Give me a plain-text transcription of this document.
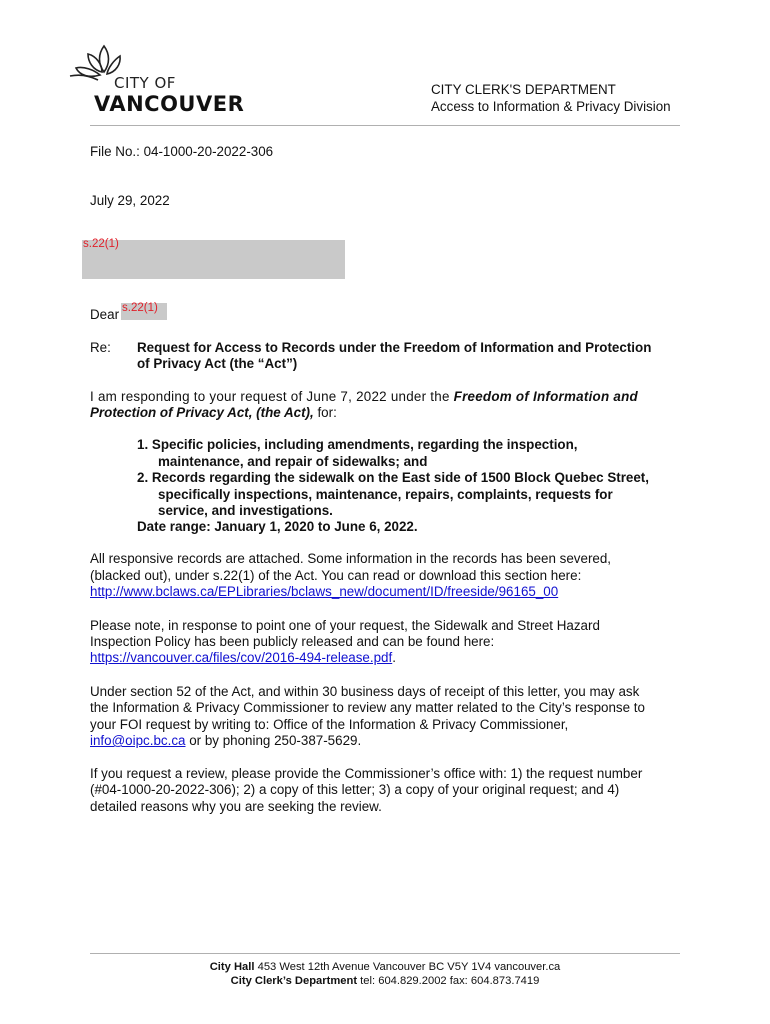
CITY OF
VANCOUVER
CITY CLERK'S DEPARTMENT
Access to Information & Privacy Division
File No.: 04-1000-20-2022-306
July 29, 2022
s.22(1)
Dear s.22(1)
Re: Request for Access to Records under the Freedom of Information and Protection
of Privacy Act (the “Act”)
I am responding to your request of June 7, 2022 under the Freedom of Information and
Protection of Privacy Act, (the Act), for:
1. Specific policies, including amendments, regarding the inspection,
maintenance, and repair of sidewalks; and
2. Records regarding the sidewalk on the East side of 1500 Block Quebec Street,
specifically inspections, maintenance, repairs, complaints, requests for
service, and investigations.
Date range: January 1, 2020 to June 6, 2022.
All responsive records are attached. Some information in the records has been severed,
(blacked out), under s.22(1) of the Act. You can read or download this section here:
http://www.bclaws.ca/EPLibraries/bclaws_new/document/ID/freeside/96165_00
Please note, in response to point one of your request, the Sidewalk and Street Hazard
Inspection Policy has been publicly released and can be found here:
https://vancouver.ca/files/cov/2016-494-release.pdf.
Under section 52 of the Act, and within 30 business days of receipt of this letter, you may ask
the Information & Privacy Commissioner to review any matter related to the City’s response to
your FOI request by writing to: Office of the Information & Privacy Commissioner,
info@oipc.bc.ca or by phoning 250-387-5629.
If you request a review, please provide the Commissioner’s office with: 1) the request number
(#04-1000-20-2022-306); 2) a copy of this letter; 3) a copy of your original request; and 4)
detailed reasons why you are seeking the review.
City Hall 453 West 12th Avenue Vancouver BC V5Y 1V4 vancouver.ca
City Clerk’s Department tel: 604.829.2002 fax: 604.873.7419
